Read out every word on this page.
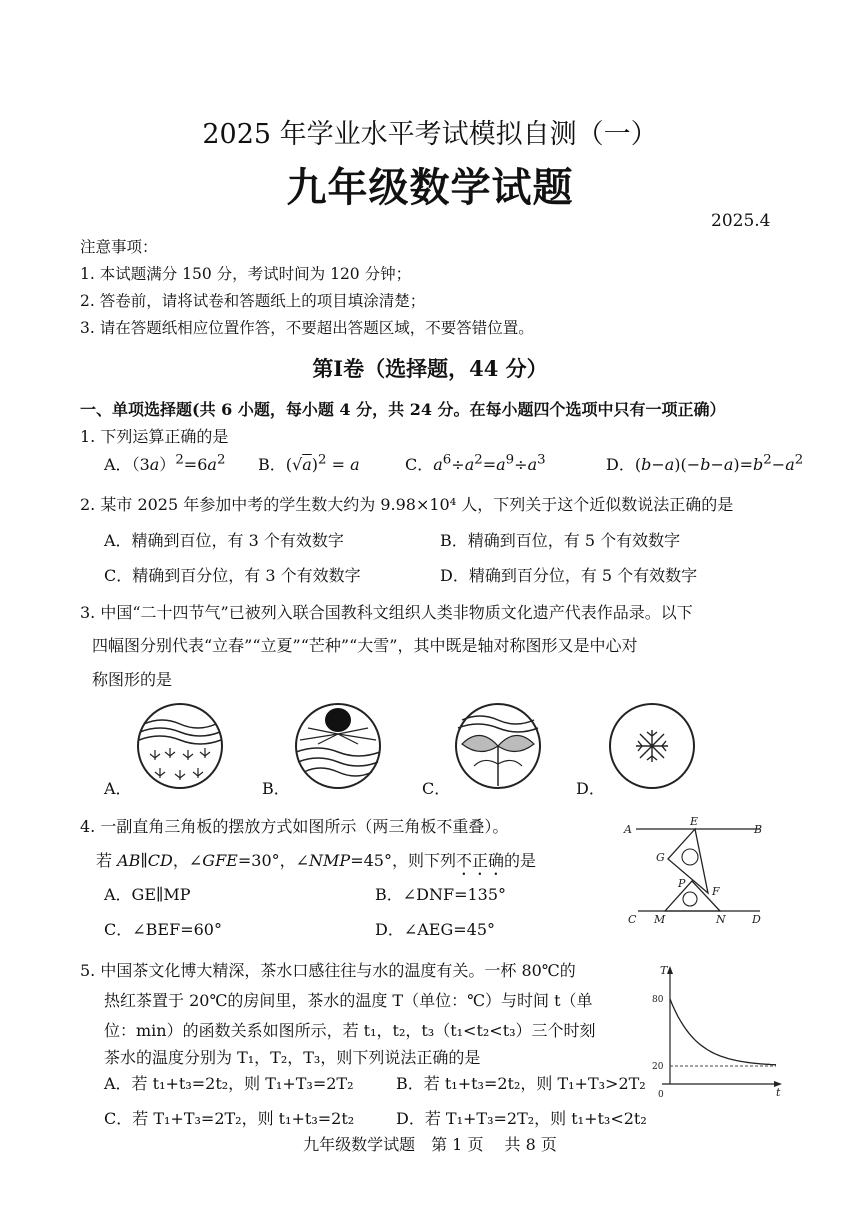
2025 年学业水平考试模拟自测（一）
九年级数学试题
2025.4
注意事项：
1. 本试题满分 150 分，考试时间为 120 分钟；
2. 答卷前，请将试卷和答题纸上的项目填涂清楚；
3. 请在答题纸相应位置作答，不要超出答题区域，不要答错位置。
第Ⅰ卷（选择题，44 分）
一、单项选择题(共 6 小题，每小题 4 分，共 24 分。在每小题四个选项中只有一项正确）
1. 下列运算正确的是
A．$(3a)^2=6a^2$ B．$(√a)^2 = a$	C．$a^6\div a^2=a^9\div a^3$	D．$(b-a)(-b-a)=b^2-a^2$
2. 某市 2025 年参加中考的学生数大约为 9.98×10⁴ 人，下列关于这个近似数说法正确的是
A．精确到百位，有 3 个有效数字	B．精确到百位，有 5 个有效数字
C．精确到百分位，有 3 个有效数字	D．精确到百分位，有 5 个有效数字
3. 中国“二十四节气”已被列入联合国教科文组织人类非物质文化遗产代表作品录。以下
四幅图分别代表“立春”“立夏”“芒种”“大雪”，其中既是轴对称图形又是中心对
称图形的是
A．	B．	C．	D．
4. 一副直角三角板的摆放方式如图所示（两三角板不重叠）。
若 AB∥CD，∠GFE=30°，∠NMP=45°，则下列不正确的是
A．GE∥MP	B．∠DNF=135°
C．∠BEF=60°	D．∠AEG=45°
A
E
B
G
P
F
C M	N D
5. 中国茶文化博大精深，茶水口感往往与水的温度有关。一杯 80℃的
热红茶置于 20℃的房间里，茶水的温度 T（单位：℃）与时间 t（单
位：min）的函数关系如图所示，若 t₁，t₂，t₃（t₁<t₂<t₃）三个时刻
茶水的温度分别为 T₁，T₂，T₃，则下列说法正确的是
A．若 t₁+t₃=2t₂，则 T₁+T₃=2T₂	B．若 t₁+t₃=2t₂，则 T₁+T₃>2T₂
C．若 T₁+T₃=2T₂，则 t₁+t₃=2t₂	D．若 T₁+T₃=2T₂，则 t₁+t₃<2t₂
T
t
80
20
0
九年级数学试题　第 1 页　 共 8 页
